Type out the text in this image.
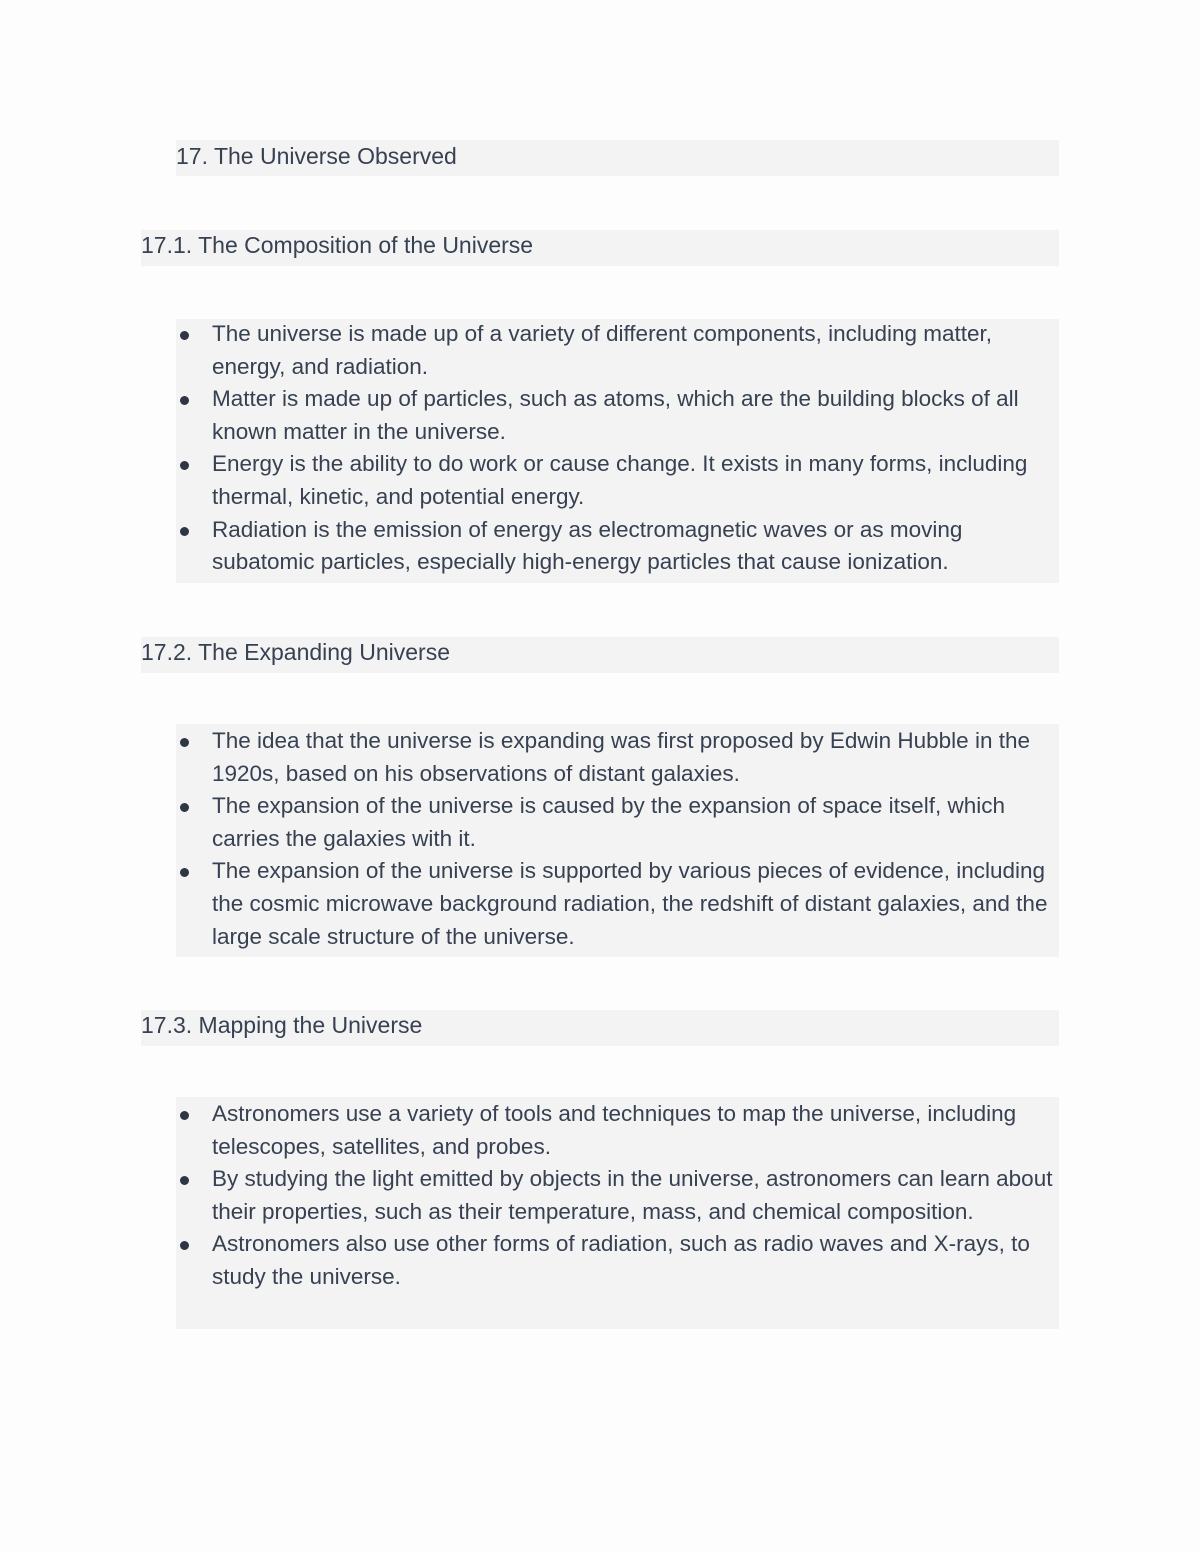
17. The Universe Observed
17.1. The Composition of the Universe
The universe is made up of a variety of different components, including matter, energy, and radiation.
Matter is made up of particles, such as atoms, which are the building blocks of all known matter in the universe.
Energy is the ability to do work or cause change. It exists in many forms, including thermal, kinetic, and potential energy.
Radiation is the emission of energy as electromagnetic waves or as moving subatomic particles, especially high-energy particles that cause ionization.
17.2. The Expanding Universe
The idea that the universe is expanding was first proposed by Edwin Hubble in the 1920s, based on his observations of distant galaxies.
The expansion of the universe is caused by the expansion of space itself, which carries the galaxies with it.
The expansion of the universe is supported by various pieces of evidence, including the cosmic microwave background radiation, the redshift of distant galaxies, and the large scale structure of the universe.
17.3. Mapping the Universe
Astronomers use a variety of tools and techniques to map the universe, including telescopes, satellites, and probes.
By studying the light emitted by objects in the universe, astronomers can learn about their properties, such as their temperature, mass, and chemical composition.
Astronomers also use other forms of radiation, such as radio waves and X-rays, to study the universe.
